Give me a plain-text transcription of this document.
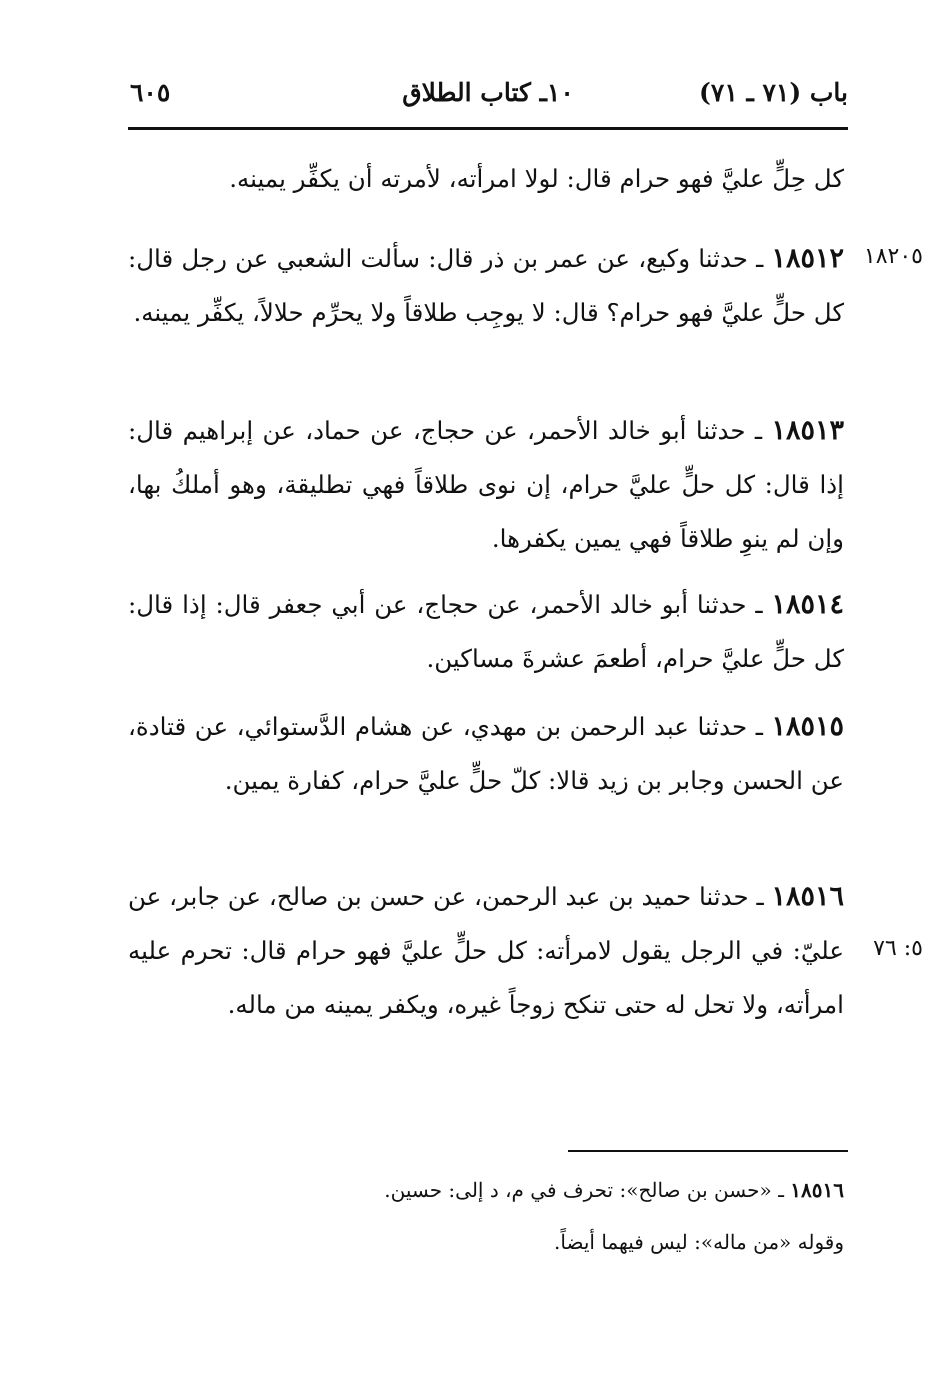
باب (٧١ ـ ٧١)
١٠ـ كتاب الطلاق
٦٠٥
كل حِلٍّ عليَّ فهو حرام قال: لولا امرأته، لأمرته أن يكفِّر يمينه.
١٨٥١٢ ـ حدثنا وكيع، عن عمر بن ذر قال: سألت الشعبي عن رجل قال: كل حلٍّ عليَّ فهو حرام؟ قال: لا يوجِب طلاقاً ولا يحرِّم حلالاً، يكفِّر يمينه.
١٨٢٠٥
١٨٥١٣ ـ حدثنا أبو خالد الأحمر، عن حجاج، عن حماد، عن إبراهيم قال: إذا قال: كل حلٍّ عليَّ حرام، إن نوى طلاقاً فهي تطليقة، وهو أملكُ بها، وإن لم ينوِ طلاقاً فهي يمين يكفرها.
١٨٥١٤ ـ حدثنا أبو خالد الأحمر، عن حجاج، عن أبي جعفر قال: إذا قال: كل حلٍّ عليَّ حرام، أطعمَ عشرةَ مساكين.
١٨٥١٥ ـ حدثنا عبد الرحمن بن مهدي، عن هشام الدَّستوائي، عن قتادة، عن الحسن وجابر بن زيد قالا: كلّ حلٍّ عليَّ حرام، كفارة يمين.
١٨٥١٦ ـ حدثنا حميد بن عبد الرحمن، عن حسن بن صالح، عن جابر، عن عليّ: في الرجل يقول لامرأته: كل حلٍّ عليَّ فهو حرام قال: تحرم عليه امرأته، ولا تحل له حتى تنكح زوجاً غيره، ويكفر يمينه من ماله.
٥: ٧٦
١٨٥١٦ ـ «حسن بن صالح»: تحرف في م، د إلى: حسين.
وقوله «من ماله»: ليس فيهما أيضاً.
